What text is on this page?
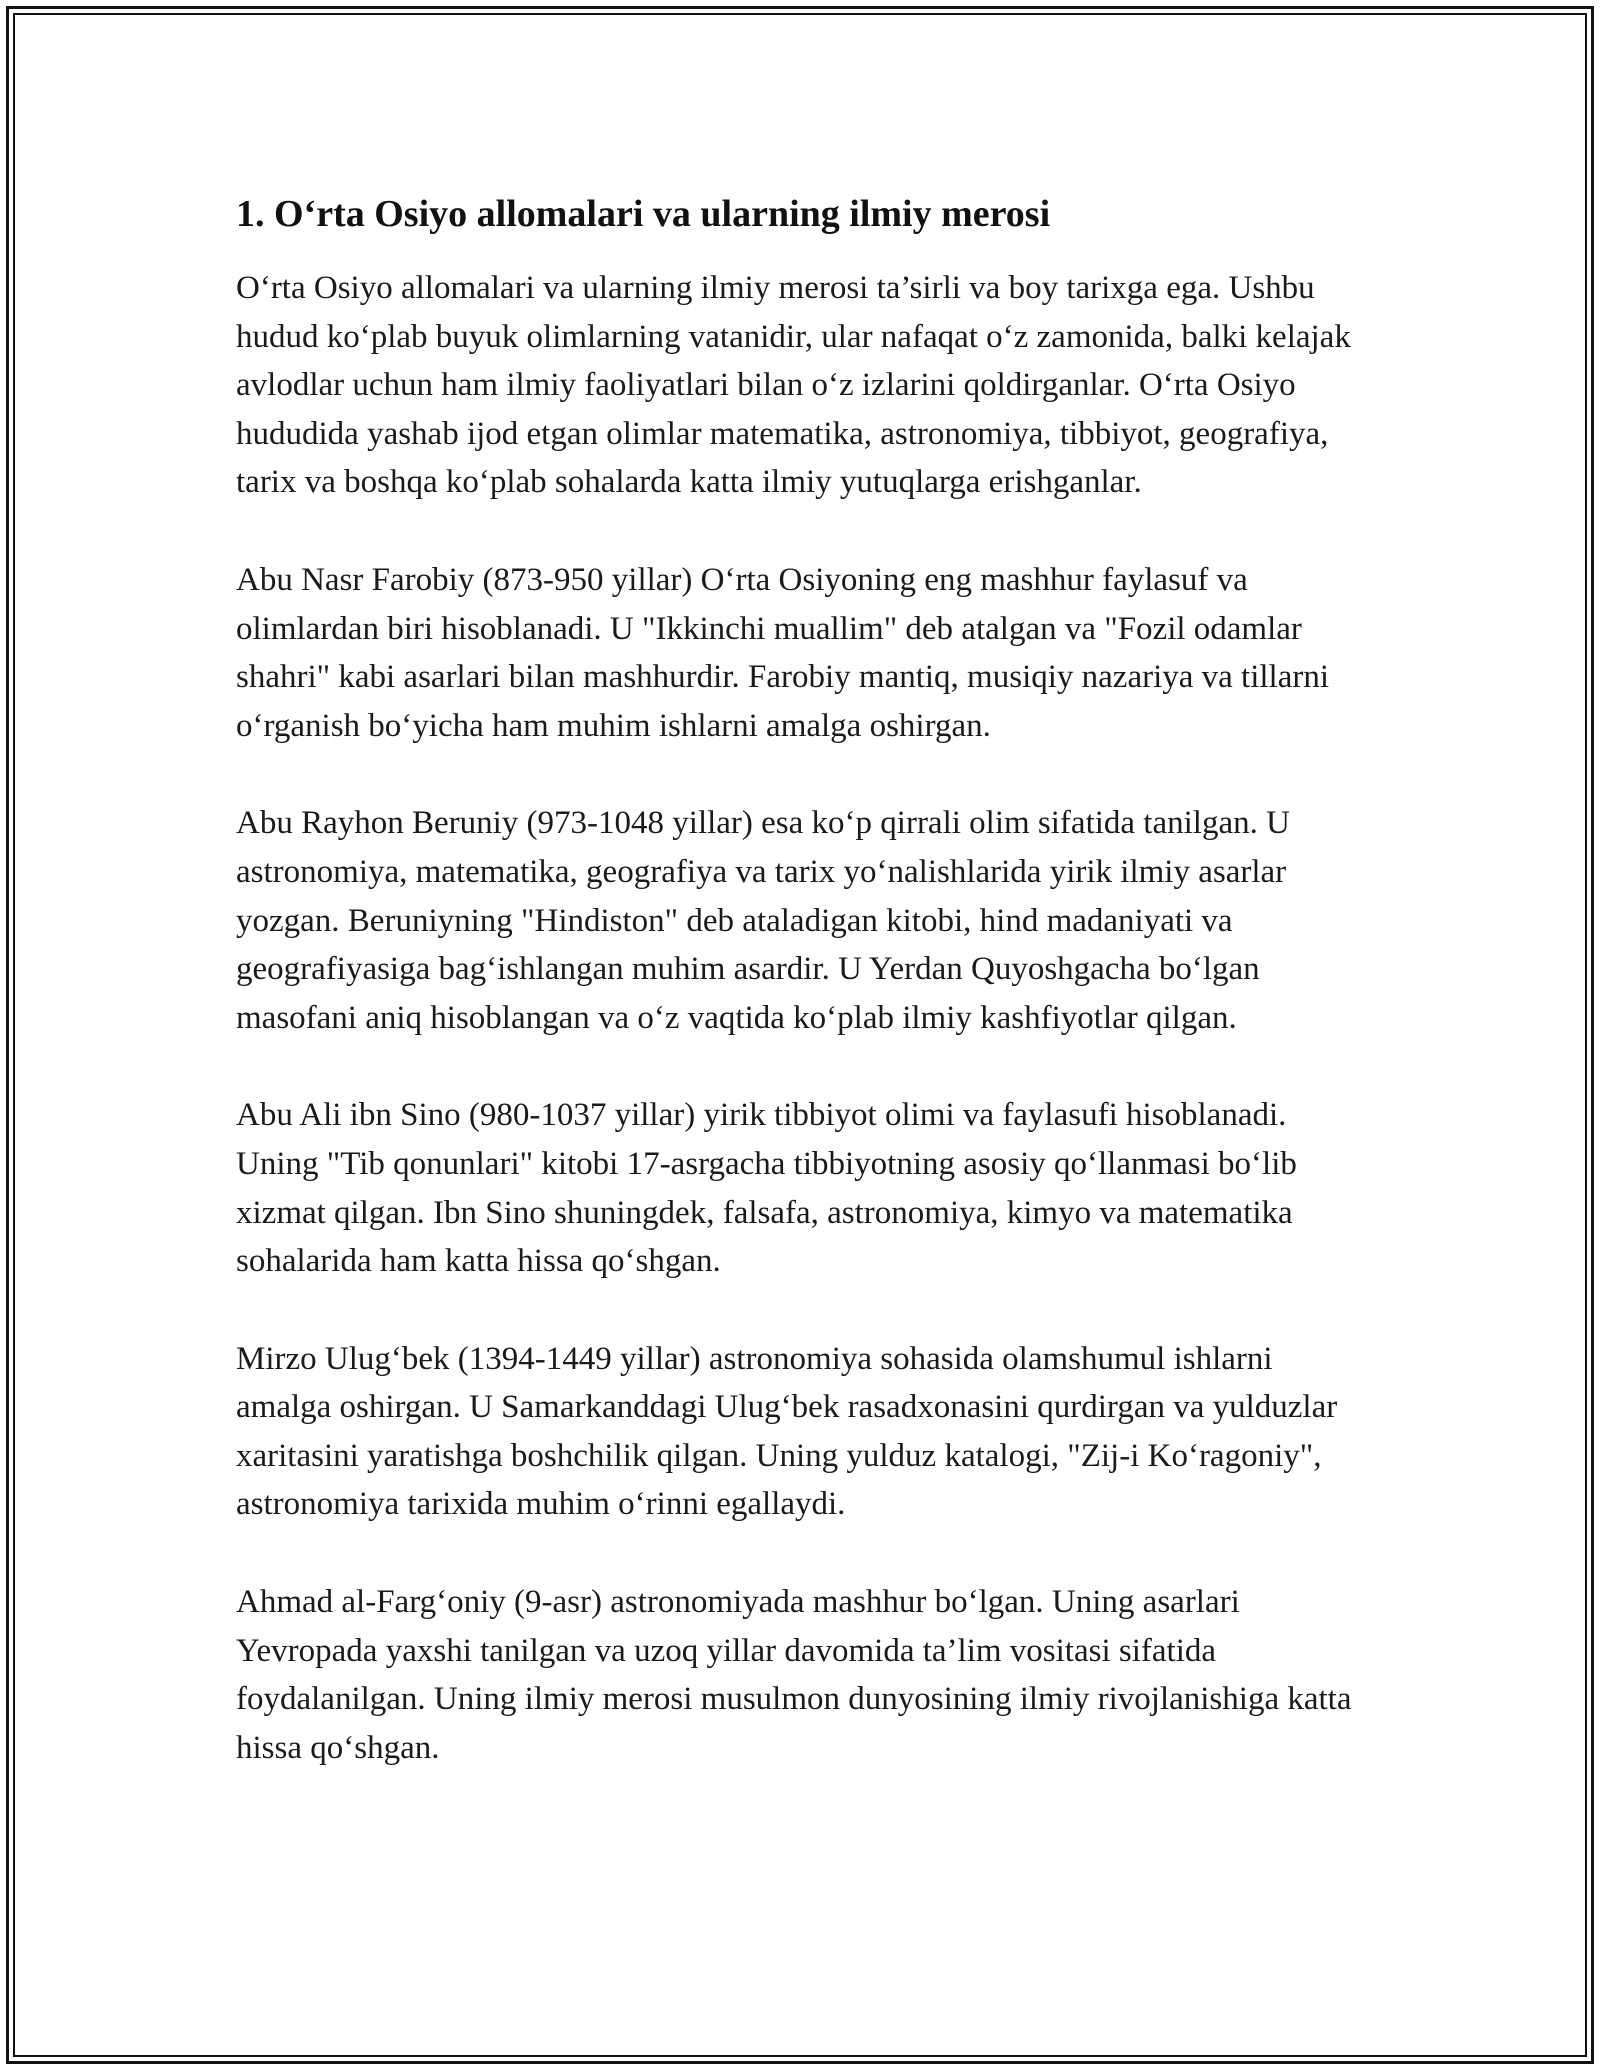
1. O‘rta Osiyo allomalari va ularning ilmiy merosi

O‘rta Osiyo allomalari va ularning ilmiy merosi ta’sirli va boy tarixga ega. Ushbu hudud ko‘plab buyuk olimlarning vatanidir, ular nafaqat o‘z zamonida, balki kelajak avlodlar uchun ham ilmiy faoliyatlari bilan o‘z izlarini qoldirganlar. O‘rta Osiyo hududida yashab ijod etgan olimlar matematika, astronomiya, tibbiyot, geografiya, tarix va boshqa ko‘plab sohalarda katta ilmiy yutuqlarga erishganlar.

Abu Nasr Farobiy (873-950 yillar) O‘rta Osiyoning eng mashhur faylasuf va olimlardan biri hisoblanadi. U "Ikkinchi muallim" deb atalgan va "Fozil odamlar shahri" kabi asarlari bilan mashhurdir. Farobiy mantiq, musiqiy nazariya va tillarni o‘rganish bo‘yicha ham muhim ishlarni amalga oshirgan.

Abu Rayhon Beruniy (973-1048 yillar) esa ko‘p qirrali olim sifatida tanilgan. U astronomiya, matematika, geografiya va tarix yo‘nalishlarida yirik ilmiy asarlar yozgan. Beruniyning "Hindiston" deb ataladigan kitobi, hind madaniyati va geografiyasiga bag‘ishlangan muhim asardir. U Yerdan Quyoshgacha bo‘lgan masofani aniq hisoblangan va o‘z vaqtida ko‘plab ilmiy kashfiyotlar qilgan.

Abu Ali ibn Sino (980-1037 yillar) yirik tibbiyot olimi va faylasufi hisoblanadi. Uning "Tib qonunlari" kitobi 17-asrgacha tibbiyotning asosiy qo‘llanmasi bo‘lib xizmat qilgan. Ibn Sino shuningdek, falsafa, astronomiya, kimyo va matematika sohalarida ham katta hissa qo‘shgan.

Mirzo Ulug‘bek (1394-1449 yillar) astronomiya sohasida olamshumul ishlarni amalga oshirgan. U Samarkanddagi Ulug‘bek rasadxonasini qurdirgan va yulduzlar xaritasini yaratishga boshchilik qilgan. Uning yulduz katalogi, "Zij-i Ko‘ragoniy", astronomiya tarixida muhim o‘rinni egallaydi.

Ahmad al-Farg‘oniy (9-asr) astronomiyada mashhur bo‘lgan. Uning asarlari Yevropada yaxshi tanilgan va uzoq yillar davomida ta’lim vositasi sifatida foydalanilgan. Uning ilmiy merosi musulmon dunyosining ilmiy rivojlanishiga katta hissa qo‘shgan.
